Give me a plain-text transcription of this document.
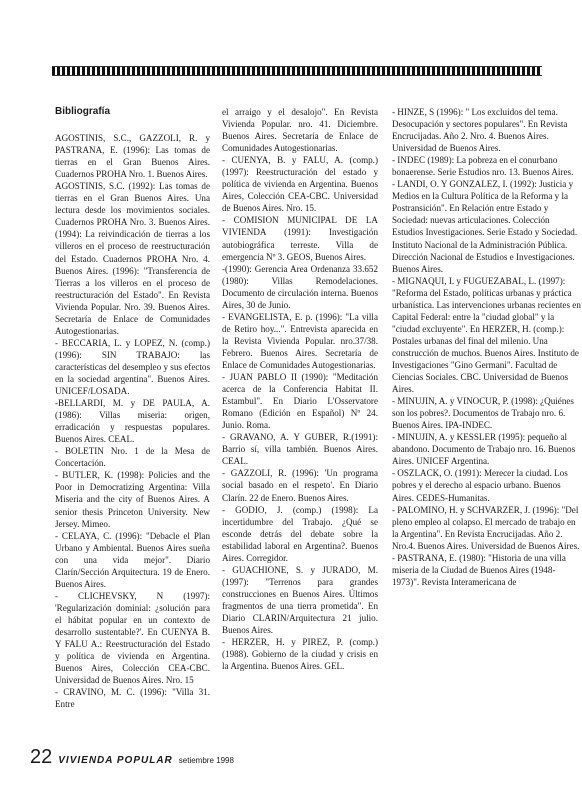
Bibliografía

AGOSTINIS, S.C., GAZZOLI, R. y PASTRANA, E. (1996): Las tomas de tierras en el Gran Buenos Aires. Cuadernos PROHA Nro. 1. Buenos Aires.

AGOSTINIS, S.C. (1992): Las tomas de tierras en el Gran Buenos Aires. Una lectura desde los movimientos sociales. Cuadernos PROHA Nro. 3. Buenos Aires. (1994): La reivindicación de tierras a los villeros en el proceso de reestructuración del Estado. Cuadernos PROHA Nro. 4. Buenos Aires. (1996): "Transferencia de Tierras a los villeros en el proceso de reestructuración del Estado". En Revista Vivienda Popular. Nro. 39. Buenos Aires. Secretaría de Enlace de Comunidades Autogestionarias.

- BECCARIA, L. y LOPEZ, N. (comp.)(1996): SIN TRABAJO: las características del desempleo y sus efectos en la sociedad argentina". Buenos Aires. UNICEF/LOSADA.

-BELLARDI, M. y DE PAULA, A. (1986): Villas miseria: origen, erradicación y respuestas populares. Buenos Aires. CEAL.

- BOLETIN Nro. 1 de la Mesa de Concertación.

- BUTLER, K. (1998): Policies and the Poor in Democratizing Argentina: Villa Miseria and the city of Buenos Aires. A senior thesis Princeton University. New Jersey. Mimeo.

- CELAYA, C. (1996): "Debacle el Plan Urbano y Ambiental. Buenos Aires sueña con una vida mejor". Diario Clarín/Sección Arquitectura. 19 de Enero. Buenos Aires.

- CLICHEVSKY, N (1997): 'Regularización dominial: ¿solución para el hábitat popular en un contexto de desarrollo sustentable?'. En CUENYA B. Y FALU A.: Reestructuración del Estado y política de vivienda en Argentina. Buenos Aires, Colección CEA-CBC. Universidad de Buenos Aires. Nro. 15

- CRAVINO, M. C. (1996): "Villa 31. Entre

el arraigo y el desalojo". En Revista Vivienda Popular. nro. 41. Diciembre. Buenos Aires. Secretaría de Enlace de Comunidades Autogestionarias.

- CUENYA, B. y FALU, A. (comp.)(1997): Reestructuración del estado y política de vivienda en Argentina. Buenos Aires, Colección CEA-CBC. Universidad de Buenos Aires. Nro. 15.

- COMISION MUNICIPAL DE LA VIVIENDA (1991): Investigación autobiográfica terreste. Villa de emergencia Nº 3. GEOS, Buenos Aires.

-(1990): Gerencia Area Ordenanza 33.652 (1980): Villas Remodelaciones. Documento de circulación interna. Buenos Aires, 30 de Junio.

- EVANGELISTA, E. p. (1996): "La villa de Retiro hoy...". Entrevista aparecida en la Revista Vivienda Popular. nro.37/38. Febrero. Buenos Aires. Secretaría de Enlace de Comunidades Autogestionarias.

- JUAN PABLO II (1990): "Meditación acerca de la Conferencia Habitat II. Estambul". En Diario L'Osservatore Romano (Edición en Español) Nº 24. Junio. Roma.

- GRAVANO, A. Y GUBER, R.(1991): Barrio sí, villa también. Buenos Aires. CEAL.

- GAZZOLI, R. (1996): 'Un programa social basado en el respeto'. En Diario Clarín. 22 de Enero. Buenos Aires.

- GODIO, J. (comp.) (1998): La incertidumbre del Trabajo. ¿Qué se esconde detrás del debate sobre la estabilidad laboral en Argentina?. Buenos Aires. Corregidor.

- GUACHIONE, S. y JURADO, M. (1997): "Terrenos para grandes construcciones en Buenos Aires. Últimos fragmentos de una tierra prometida". En Diario CLARIN/Arquitectura 21 julio. Buenos Aires.

- HERZER, H. y PIREZ, P. (comp.) (1988). Gobierno de la ciudad y crisis en la Argentina. Buenos Aires. GEL.

- HINZE, S (1996): " Los excluidos del tema. Desocupación y sectores populares". En Revista Encrucijadas. Año 2. Nro. 4. Buenos Aires. Universidad de Buenos Aires.

- INDEC (1989): La pobreza en el conurbano bonaerense. Serie Estudios nro. 13. Buenos Aires.

- LANDI, O. Y GONZALEZ, I. (1992): Justicia y Medios en la Cultura Política de la Reforma y la Postransición". En Relación entre Estado y Sociedad: nuevas articulaciones. Colección Estudios Investigaciones. Serie Estado y Sociedad. Instituto Nacional de la Administración Pública. Dirección Nacional de Estudios e Investigaciones. Buenos Aires.

- MIGNAQUI, I. y FUGUEZABAL, L. (1997): "Reforma del Estado, políticas urbanas y práctica urbanística. Las intervenciones urbanas recientes en Capital Federal: entre la "ciudad global" y la "ciudad excluyente". En HERZER, H. (comp.): Postales urbanas del final del milenio. Una construcción de muchos. Buenos Aires. Instituto de Investigaciones "Gino Germani". Facultad de Ciencias Sociales. CBC. Universidad de Buenos Aires.

- MINUJIN, A. y VINOCUR, P. (1998): ¿Quiénes son los pobres?. Documentos de Trabajo nro. 6. Buenos Aires. IPA-INDEC.

- MINUJIN, A. y KESSLER (1995): pequeño al abandono. Documento de Trabajo nro. 16. Buenos Aires. UNICEF Argentina.

- OSZLACK, O. (1991): Merecer la ciudad. Los pobres y el derecho al espacio urbano. Buenos Aires. CEDES-Humanitas.

- PALOMINO, H. y SCHVARZER, J. (1996): "Del pleno empleo al colapso. El mercado de trabajo en la Argentina". En Revista Encrucijadas. Año 2. Nro.4. Buenos Aires. Universidad de Buenos Aires.

- PASTRANA, E. (1980): "Historia de una villa miseria de la Ciudad de Buenos Aires (1948-1973)". Revista Interamericana de

22 VIVIENDA POPULAR setiembre 1998
